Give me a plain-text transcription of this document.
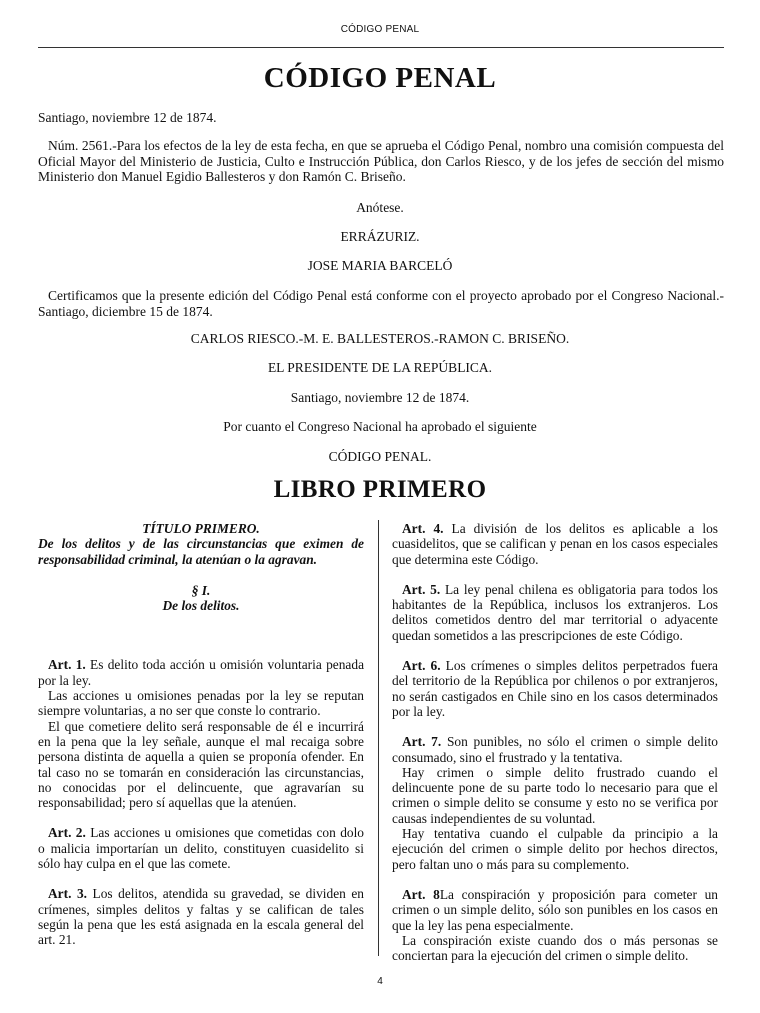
CÓDIGO PENAL
CÓDIGO PENAL
Santiago, noviembre 12 de 1874.
Núm. 2561.-Para los efectos de la ley de esta fecha, en que se aprueba el Código Penal, nombro una comisión compuesta del Oficial Mayor del Ministerio de Justicia, Culto e Instrucción Pública, don Carlos Riesco, y de los jefes de sección del mismo Ministerio don Manuel Egidio Ballesteros y don Ramón C. Briseño.
Anótese.
ERRÁZURIZ.
JOSE MARIA BARCELÓ
Certificamos que la presente edición del Código Penal está conforme con el proyecto aprobado por el Congreso Nacional.- Santiago, diciembre 15 de 1874.
CARLOS RIESCO.-M. E. BALLESTEROS.-RAMON C. BRISEÑO.
EL PRESIDENTE DE LA REPÚBLICA.
Santiago, noviembre 12 de 1874.
Por cuanto el Congreso Nacional ha aprobado el siguiente
CÓDIGO PENAL.
LIBRO PRIMERO

TÍTULO PRIMERO.

De los delitos y de las circunstancias que eximen de responsabilidad criminal, la atenúan o la agravan.

§ I.

De los delitos.

Art. 1. Es delito toda acción u omisión voluntaria penada por la ley.

Las acciones u omisiones penadas por la ley se reputan siempre voluntarias, a no ser que conste lo contrario.

El que cometiere delito será responsable de él e incurrirá en la pena que la ley señale, aunque el mal recaiga sobre persona distinta de aquella a quien se proponía ofender. En tal caso no se tomarán en consideración las circunstancias, no conocidas por el delincuente, que agravarían su responsabilidad; pero sí aquellas que la atenúen.

Art. 2. Las acciones u omisiones que cometidas con dolo o malicia importarían un delito, constituyen cuasidelito si sólo hay culpa en el que las comete.

Art. 3. Los delitos, atendida su gravedad, se dividen en crímenes, simples delitos y faltas y se califican de tales según la pena que les está asignada en la escala general del art. 21.

Art. 4. La división de los delitos es aplicable a los cuasidelitos, que se califican y penan en los casos especiales que determina este Código.

Art. 5. La ley penal chilena es obligatoria para todos los habitantes de la República, inclusos los extranjeros. Los delitos cometidos dentro del mar territorial o adyacente quedan sometidos a las prescripciones de este Código.

Art. 6. Los crímenes o simples delitos perpetrados fuera del territorio de la República por chilenos o por extranjeros, no serán castigados en Chile sino en los casos determinados por la ley.

Art. 7. Son punibles, no sólo el crimen o simple delito consumado, sino el frustrado y la tentativa.

Hay crimen o simple delito frustrado cuando el delincuente pone de su parte todo lo necesario para que el crimen o simple delito se consume y esto no se verifica por causas independientes de su voluntad.

Hay tentativa cuando el culpable da principio a la ejecución del crimen o simple delito por hechos directos, pero faltan uno o más para su complemento.

Art. 8La conspiración y proposición para cometer un crimen o un simple delito, sólo son punibles en los casos en que la ley las pena especialmente.

La conspiración existe cuando dos o más personas se conciertan para la ejecución del crimen o simple delito.

4
